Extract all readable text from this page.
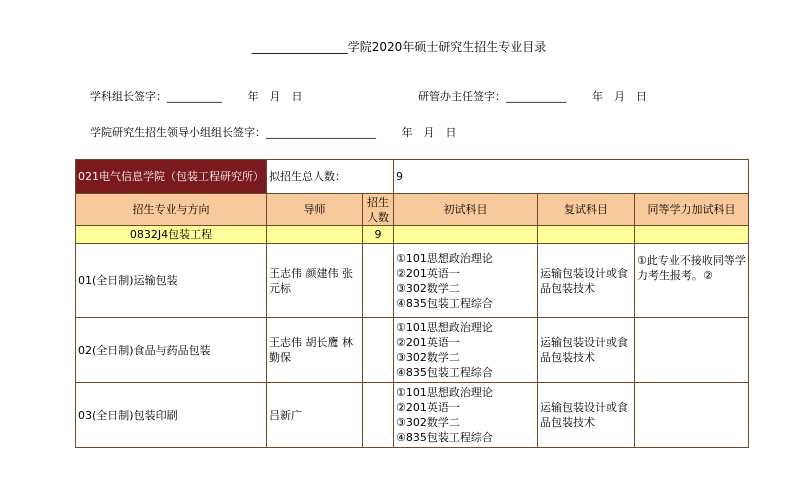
________________学院2020年硕士研究生招生专业目录
学科组长签字：__________　　 年　月　日	研管办主任签字：___________　　 年　月　日
学院研究生招生领导小组组长签字：____________________　　 年　月　日
021电气信息学院（包装工程研究所）	拟招生总人数：		9		
招生专业与方向	导师	招生人数	初试科目	复试科目	同等学力加试科目
0832J4包装工程		9			
01(全日制)运输包装	王志伟 颜建伟 张元标		①101思想政治理论
②201英语一
③302数学二
④835包装工程综合	运输包装设计或食品包装技术	①此专业不接收同等学力考生报考。②
02(全日制)食品与药品包装	王志伟 胡长鹰 林勤保		①101思想政治理论
②201英语一
③302数学二
④835包装工程综合	运输包装设计或食品包装技术	
03(全日制)包装印刷	吕新广		①101思想政治理论
②201英语一
③302数学二
④835包装工程综合	运输包装设计或食品包装技术	
